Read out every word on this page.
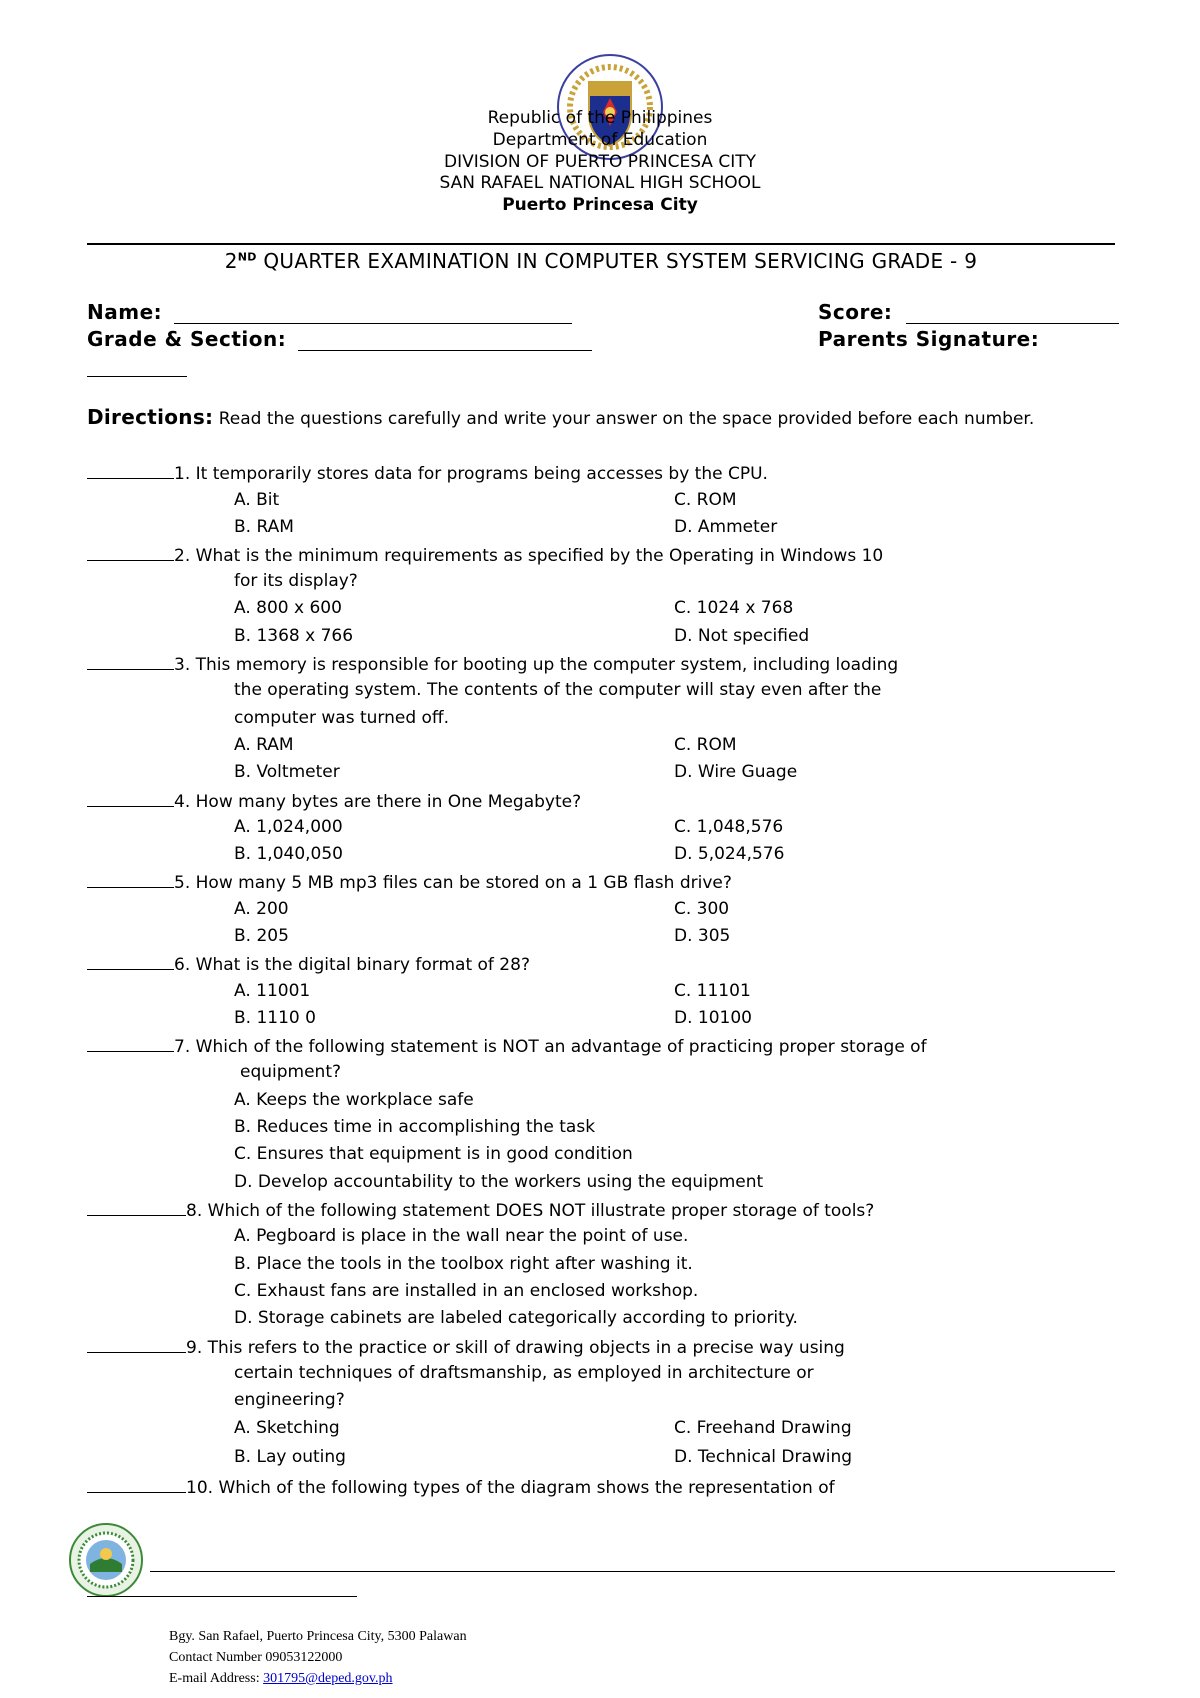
Republic of the Philippines
Department of Education
DIVISION OF PUERTO PRINCESA CITY
SAN RAFAEL NATIONAL HIGH SCHOOL
Puerto Princesa City
2ND QUARTER EXAMINATION IN COMPUTER SYSTEM SERVICING GRADE - 9
Name:	Score:
Grade & Section:	Parents Signature:
Directions: Read the questions carefully and write your answer on the space provided before each number.
1. It temporarily stores data for programs being accesses by the CPU.
A. Bit	C. ROM
B. RAM	D. Ammeter
2. What is the minimum requirements as specified by the Operating in Windows 10
for its display?
A. 800 x 600	C. 1024 x 768
B. 1368 x 766	D. Not specified
3. This memory is responsible for booting up the computer system, including loading
the operating system. The contents of the computer will stay even after the
computer was turned off.
A. RAM	C. ROM
B. Voltmeter	D. Wire Guage
4. How many bytes are there in One Megabyte?
A. 1,024,000	C. 1,048,576
B. 1,040,050	D. 5,024,576
5. How many 5 MB mp3 files can be stored on a 1 GB flash drive?
A. 200	C. 300
B. 205	D. 305
6. What is the digital binary format of 28?
A. 11001	C. 11101
B. 1110 0	D. 10100
7. Which of the following statement is NOT an advantage of practicing proper storage of
equipment?
A. Keeps the workplace safe
B. Reduces time in accomplishing the task
C. Ensures that equipment is in good condition
D. Develop accountability to the workers using the equipment
8. Which of the following statement DOES NOT illustrate proper storage of tools?
A. Pegboard is place in the wall near the point of use.
B. Place the tools in the toolbox right after washing it.
C. Exhaust fans are installed in an enclosed workshop.
D. Storage cabinets are labeled categorically according to priority.
9. This refers to the practice or skill of drawing objects in a precise way using
certain techniques of draftsmanship, as employed in architecture or
engineering?
A. Sketching	C. Freehand Drawing
B. Lay outing	D. Technical Drawing
10. Which of the following types of the diagram shows the representation of
Bgy. San Rafael, Puerto Princesa City, 5300 Palawan
Contact Number 09053122000
E-mail Address: 301795@deped.gov.ph
